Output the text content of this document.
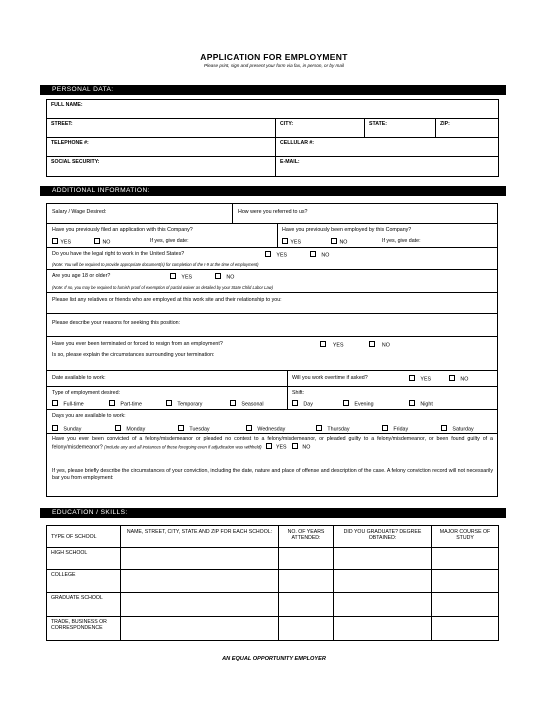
APPLICATION FOR EMPLOYMENT
Please print, sign and present your form via fax, in person, or by mail
PERSONAL DATA:
FULL NAME:			
STREET:	CITY:	STATE:	ZIP:
TELEPHONE #:	CELLULAR #:		
SOCIAL SECURITY:	E-MAIL:		
ADDITIONAL INFORMATION:
Salary / Wage Desired:	How were you referred to us?
Have you previously filed an application with this Company?
YES	NO	If yes, give date:
Have you previously been employed by this Company?
YES	NO	If yes, give date:
Do you have the legal right to work in the United States?	YES	NO
(Note: You will be required to provide appropriate document(s) for completion of the I-9 at the time of employment)
Are you age 18 or older?	YES	NO
(Note: If no, you may be required to furnish proof of exemption of partial waiver as detailed by your State Child Labor Law)
Please list any relatives or friends who are employed at this work site and their relationship to you:
Please describe your reasons for seeking this position:
Have you ever been terminated or forced to resign from an employment?	YES	NO
Is so, please explain the circumstances surrounding your termination:
Date available to work:	Will you work overtime if asked?	YES	NO
Type of employment desired:
Full-time	Part-time	Temporary	Seasonal
Shift:
Day	Evening	Night
Days you are available to work:
Sunday	Monday	Tuesday	Wednesday	Thursday	Friday	Saturday
Have you ever been convicted of a felony/misdemeanor or pleaded no contest to a felony/misdemeanor, or pleaded guilty to a felony/misdemeanor, or been found guilty of a felony/misdemeanor? (Include any and all instances of these foregoing even if adjudication was withheld)	YES	NO
If yes, please briefly describe the circumstances of your conviction, including the date, nature and place of offense and description of the case. A felony conviction record will not necessarily bar you from employment:
EDUCATION / SKILLS:
TYPE OF SCHOOL	NAME, STREET, CITY, STATE AND ZIP FOR EACH SCHOOL:	NO. OF YEARS ATTENDED:	DID YOU GRADUATE? DEGREE OBTAINED:	MAJOR COURSE OF STUDY
HIGH SCHOOL				
COLLEGE				
GRADUATE SCHOOL				
TRADE, BUSINESS OR CORRESPONDENCE				
AN EQUAL OPPORTUNITY EMPLOYER
